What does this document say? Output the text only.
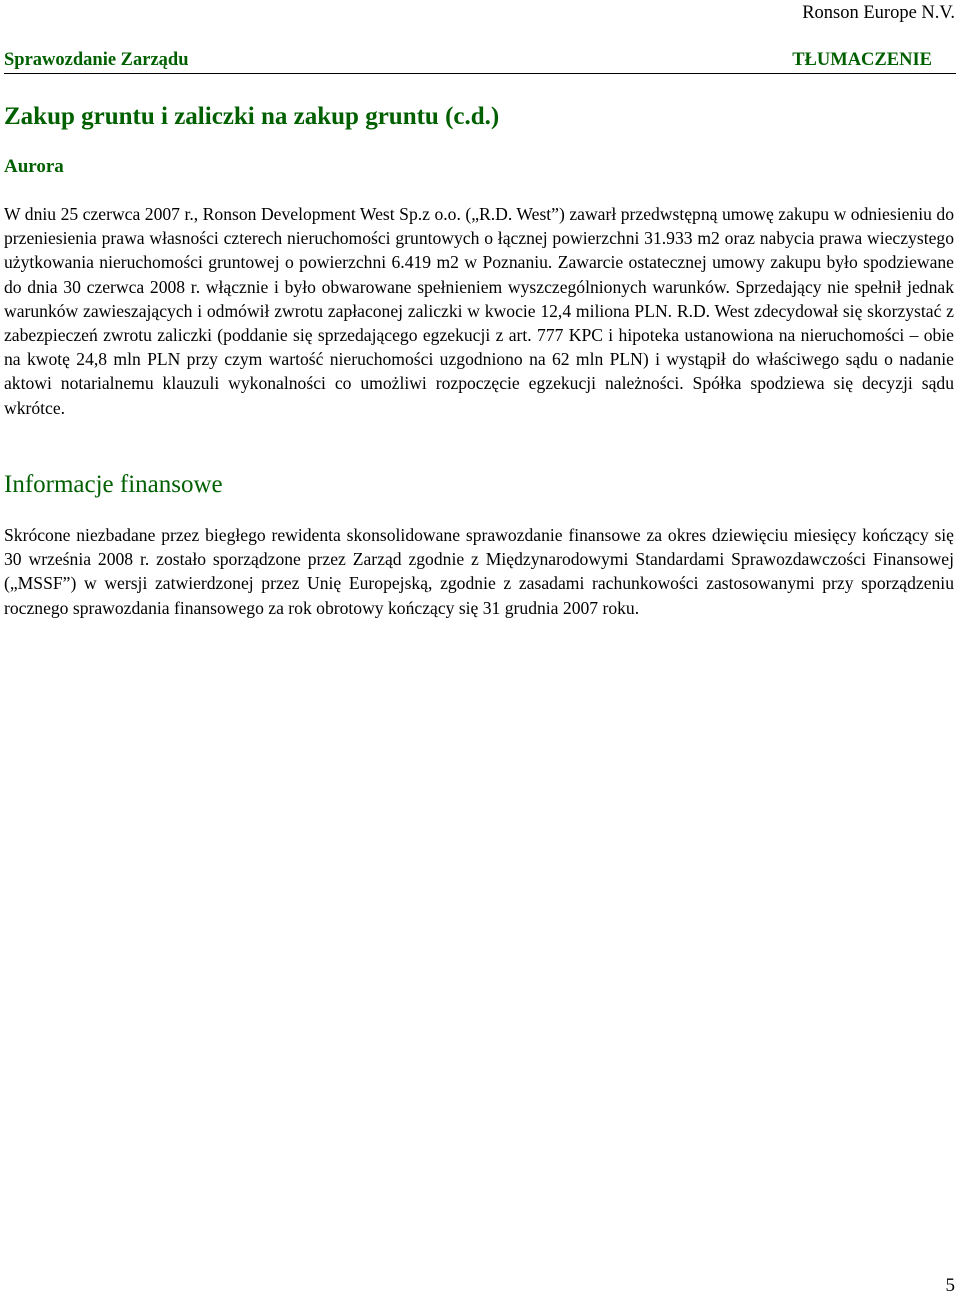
Ronson Europe N.V.
Sprawozdanie Zarządu	TŁUMACZENIE
Zakup gruntu i zaliczki na zakup gruntu (c.d.)
Aurora

W dniu 25 czerwca 2007 r., Ronson Development West Sp.z o.o. („R.D. West”) zawarł przedwstępną umowę zakupu w odniesieniu do przeniesienia prawa własności czterech nieruchomości gruntowych o łącznej powierzchni 31.933 m2 oraz nabycia prawa wieczystego użytkowania nieruchomości gruntowej o powierzchni 6.419 m2 w Poznaniu. Zawarcie ostatecznej umowy zakupu było spodziewane do dnia 30 czerwca 2008 r. włącznie i było obwarowane spełnieniem wyszczególnionych warunków. Sprzedający nie spełnił jednak warunków zawieszających i odmówił zwrotu zapłaconej zaliczki w kwocie 12,4 miliona PLN. R.D. West zdecydował się skorzystać z zabezpieczeń zwrotu zaliczki (poddanie się sprzedającego egzekucji z art. 777 KPC i hipoteka ustanowiona na nieruchomości – obie na kwotę 24,8 mln PLN przy czym wartość nieruchomości uzgodniono na 62 mln PLN) i wystąpił do właściwego sądu o nadanie aktowi notarialnemu klauzuli wykonalności co umożliwi rozpoczęcie egzekucji należności. Spółka spodziewa się decyzji sądu wkrótce.

Informacje finansowe

Skrócone niezbadane przez biegłego rewidenta skonsolidowane sprawozdanie finansowe za okres dziewięciu miesięcy kończący się 30 września 2008 r. zostało sporządzone przez Zarząd zgodnie z Międzynarodowymi Standardami Sprawozdawczości Finansowej („MSSF”) w wersji zatwierdzonej przez Unię Europejską, zgodnie z zasadami rachunkowości zastosowanymi przy sporządzeniu rocznego sprawozdania finansowego za rok obrotowy kończący się 31 grudnia 2007 roku.

5
